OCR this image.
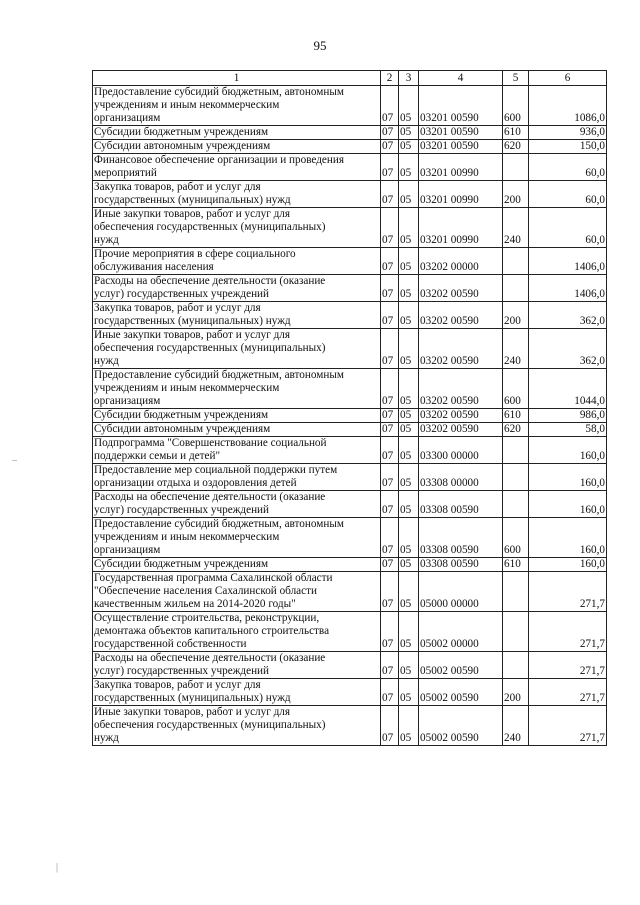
95
1	2	3	4	5	6
Предоставление субсидий бюджетным, автономным
учреждениям и иным некоммерческим
организациям	07	05	03201 00590	600	1086,0
Субсидии бюджетным учреждениям	07	05	03201 00590	610	936,0
Субсидии автономным учреждениям	07	05	03201 00590	620	150,0
Финансовое обеспечение организации и проведения
мероприятий	07	05	03201 00990		60,0
Закупка товаров, работ и услуг для
государственных (муниципальных) нужд	07	05	03201 00990	200	60,0
Иные закупки товаров, работ и услуг для
обеспечения государственных (муниципальных)
нужд	07	05	03201 00990	240	60,0
Прочие мероприятия в сфере социального
обслуживания населения	07	05	03202 00000		1406,0
Расходы на обеспечение деятельности (оказание
услуг) государственных учреждений	07	05	03202 00590		1406,0
Закупка товаров, работ и услуг для
государственных (муниципальных) нужд	07	05	03202 00590	200	362,0
Иные закупки товаров, работ и услуг для
обеспечения государственных (муниципальных)
нужд	07	05	03202 00590	240	362,0
Предоставление субсидий бюджетным, автономным
учреждениям и иным некоммерческим
организациям	07	05	03202 00590	600	1044,0
Субсидии бюджетным учреждениям	07	05	03202 00590	610	986,0
Субсидии автономным учреждениям	07	05	03202 00590	620	58,0
Подпрограмма "Совершенствование социальной
поддержки семьи и детей"	07	05	03300 00000		160,0
Предоставление мер социальной поддержки путем
организации отдыха и оздоровления детей	07	05	03308 00000		160,0
Расходы на обеспечение деятельности (оказание
услуг) государственных учреждений	07	05	03308 00590		160,0
Предоставление субсидий бюджетным, автономным
учреждениям и иным некоммерческим
организациям	07	05	03308 00590	600	160,0
Субсидии бюджетным учреждениям	07	05	03308 00590	610	160,0
Государственная программа Сахалинской области
"Обеспечение населения Сахалинской области
качественным жильем на 2014-2020 годы"	07	05	05000 00000		271,7
Осуществление строительства, реконструкции,
демонтажа объектов капитального строительства
государственной собственности	07	05	05002 00000		271,7
Расходы на обеспечение деятельности (оказание
услуг) государственных учреждений	07	05	05002 00590		271,7
Закупка товаров, работ и услуг для
государственных (муниципальных) нужд	07	05	05002 00590	200	271,7
Иные закупки товаров, работ и услуг для
обеспечения государственных (муниципальных)
нужд	07	05	05002 00590	240	271,7
–
|
